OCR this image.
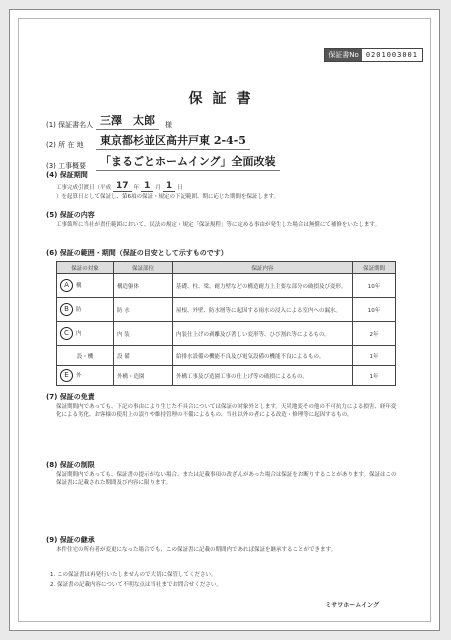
保証書No	0201003001
保証書
(1) 保証書名人 三澤　太郎	様
(2) 所 在 地	東京都杉並区高井戸東 2-4-5
(3) 工事概要	「まるごとホームイング」全面改装
(4) 保証期間
工事完成引渡日（平成 17 年 1 月 1 日
）を起算日として保証し、第6項の保証・規定の下記範囲、期に応じた期間を保証します。
(5) 保証の内容
工事箇所に当社が責任範囲において、民法の規定・規定「保証規程」等に定める事由が発生した場合は無償にて補修をいたします。
(6) 保証の範囲・期間（保証の目安として示すものです）
保証の対象	保証部位	保証内容	保証期間
A 構	構造躯体	基礎、柱、梁、耐力壁などの構造耐力上主要な部分の破損及び変形。	10年
B 防	防 水	屋根、外壁、防水層等に起因する雨水の浸入による室内への漏水。	10年
C 内	内 装	内装仕上げの剥離及び著しい変形等、ひび割れ等によるもの。	2年
設・機	設 備	給排水設備の機能不良及び電気設備の機能不良によるもの。	1年
E 外	外構・造園	外構工事及び造園工事の仕上げ等の破損によるもの。	1年
(7) 保証の免責
保証期間内であっても、下記の事由により生じた不具合については保証の対象外とします。天災地変その他の不可抗力による損害、経年変化による劣化、お客様の使用上の誤りや維持管理の不備によるもの、当社以外の者による改造・修理等に起因するもの。
(8) 保証の制限
保証期間内であっても、保証書の提示がない場合、または記載事項の改ざんがあった場合は保証をお断りすることがあります。保証はこの保証書に記載された期間及び内容に限ります。
(9) 保証の継承
本件住宅の所有者が変更になった場合でも、この保証書に記載の期間内であれば保証を継承することができます。
1. この保証書は再発行いたしませんので大切に保管してください。
2. 保証書の記載内容について不明な点は当社までお問合せください。
ミサワホームイング
